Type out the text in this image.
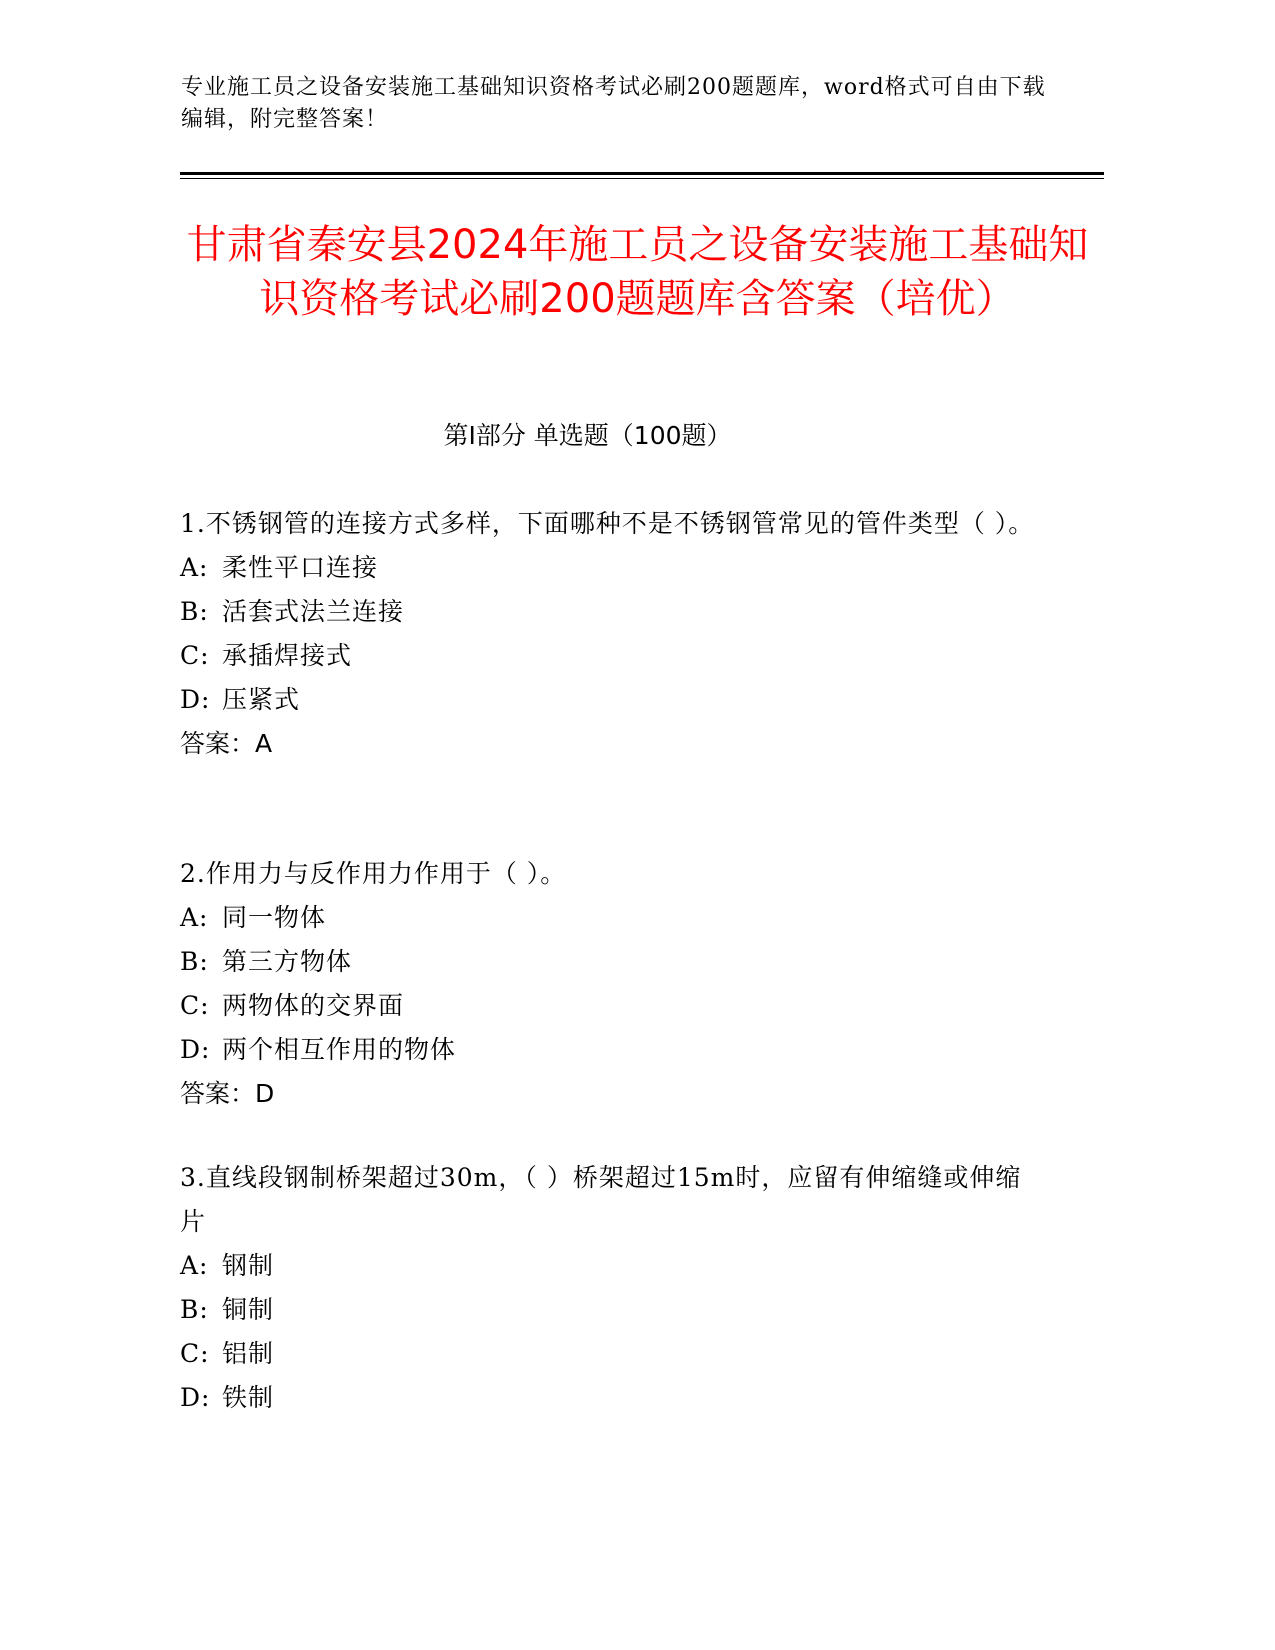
专业施工员之设备安装施工基础知识资格考试必刷200题题库，word格式可自由下载编辑，附完整答案！
甘肃省秦安县2024年施工员之设备安装施工基础知识资格考试必刷200题题库含答案（培优）
第Ⅰ部分 单选题（100题）
1.不锈钢管的连接方式多样，下面哪种不是不锈钢管常见的管件类型（ ）。
A: 柔性平口连接
B: 活套式法兰连接
C: 承插焊接式
D: 压紧式
答案：A
2.作用力与反作用力作用于（ ）。
A: 同一物体
B: 第三方物体
C: 两物体的交界面
D: 两个相互作用的物体
答案：D
3.直线段钢制桥架超过30m，（ ）桥架超过15m时，应留有伸缩缝或伸缩片
A: 钢制
B: 铜制
C: 铝制
D: 铁制
